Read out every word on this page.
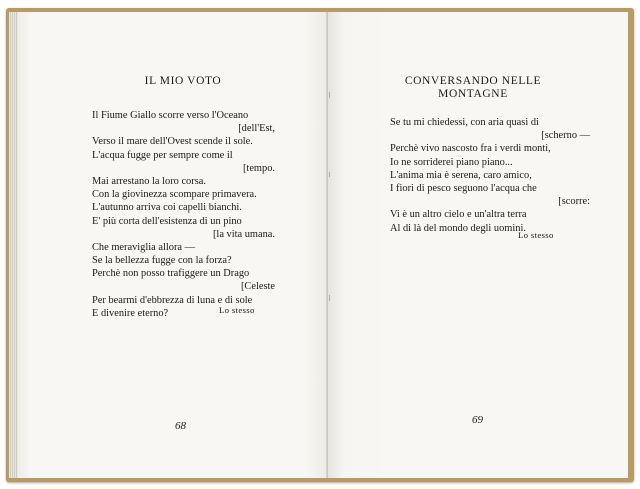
IL MIO VOTO
Il Fiume Giallo scorre verso l'Oceano
[dell'Est,
Verso il mare dell'Ovest scende il sole.
L'acqua fugge per sempre come il
[tempo.
Mai arrestano la loro corsa.
Con la giovinezza scompare primavera.
L'autunno arriva coi capelli bianchi.
E' più corta dell'esistenza di un pino
[la vita umana.
Che meraviglia allora —
Se la bellezza fugge con la forza?
Perchè non posso trafiggere un Drago
[Celeste
Per bearmi d'ebbrezza di luna e di sole
E divenire eterno?	Lo stesso
68
CONVERSANDO NELLE
MONTAGNE
Se tu mi chiedessi, con aria quasi di
[scherno —
Perchè vivo nascosto fra i verdi monti,
Io ne sorriderei piano piano...
L'anima mia è serena, caro amico,
I fiori di pesco seguono l'acqua che
[scorre:
Vi è un altro cielo e un'altra terra
Al di là del mondo degli uomini.
Lo stesso
69
